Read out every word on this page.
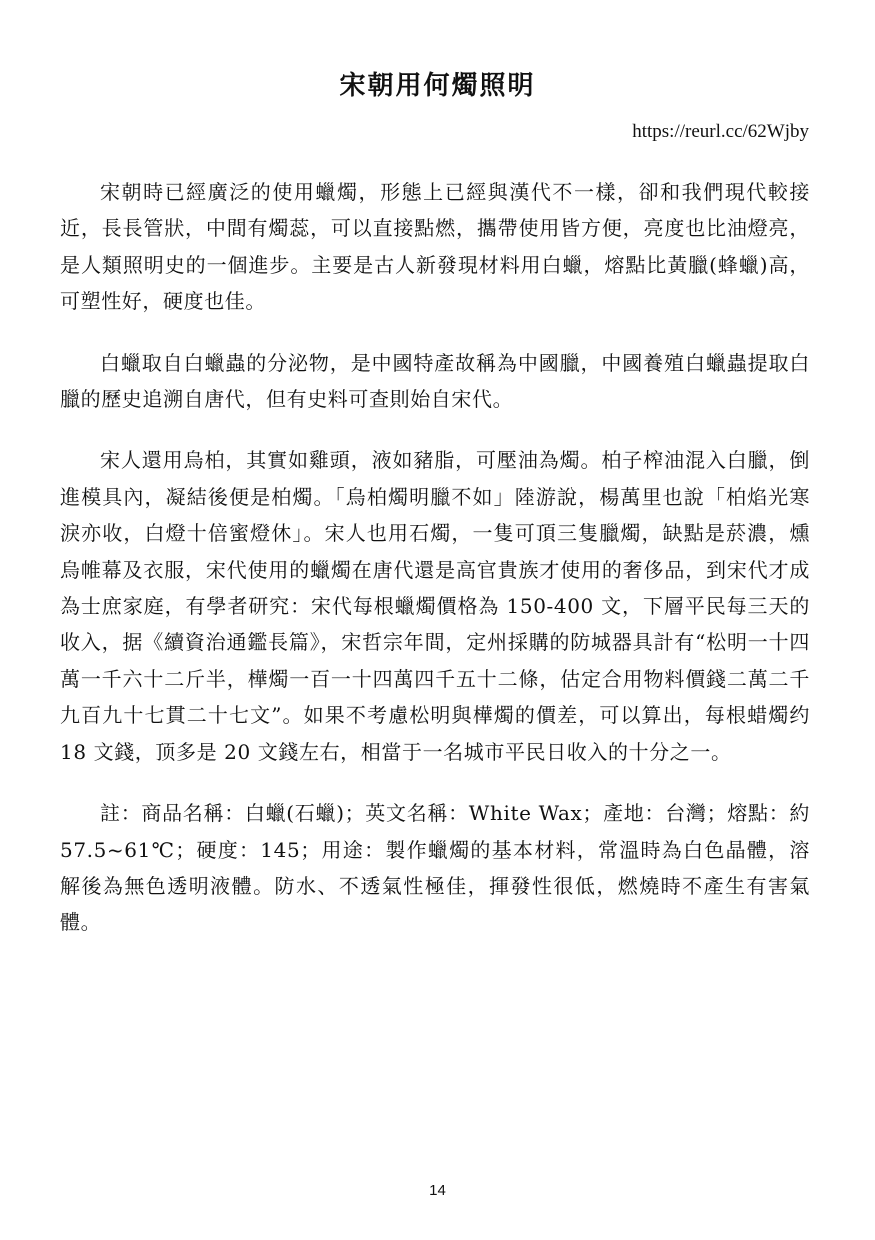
宋朝用何燭照明
https://reurl.cc/62Wjby

宋朝時已經廣泛的使用蠟燭，形態上已經與漢代不一樣，卻和我們現代較接近，長長管狀，中間有燭蕊，可以直接點燃，攜帶使用皆方便，亮度也比油燈亮，是人類照明史的一個進步。主要是古人新發現材料用白蠟，熔點比黃臘(蜂蠟)高，可塑性好，硬度也佳。

白蠟取自白蠟蟲的分泌物，是中國特產故稱為中國臘，中國養殖白蠟蟲提取白臘的歷史追溯自唐代，但有史料可查則始自宋代。

宋人還用烏柏，其實如雞頭，液如豬脂，可壓油為燭。柏子榨油混入白臘，倒進模具內，凝結後便是柏燭。「烏柏燭明臘不如」陸游說，楊萬里也說「柏焰光寒淚亦收，白燈十倍蜜燈休」。宋人也用石燭，一隻可頂三隻臘燭，缺點是菸濃，燻烏帷幕及衣服，宋代使用的蠟燭在唐代還是高官貴族才使用的奢侈品，到宋代才成為士庶家庭，有學者研究：宋代每根蠟燭價格為 150-400 文，下層平民每三天的收入，据《續資治通鑑長篇》，宋哲宗年間，定州採購的防城器具計有“松明一十四萬一千六十二斤半，樺燭一百一十四萬四千五十二條，估定合用物料價錢二萬二千九百九十七貫二十七文”。如果不考慮松明與樺燭的價差，可以算出，每根蜡燭约 18 文錢，顶多是 20 文錢左右，相當于一名城市平民日收入的十分之一。

註：商品名稱：白蠟(石蠟)；英文名稱：White Wax；產地：台灣；熔點：約 57.5~61℃；硬度：145；用途：製作蠟燭的基本材料，常溫時為白色晶體，溶解後為無色透明液體。防水、不透氣性極佳，揮發性很低，燃燒時不產生有害氣體。

14
